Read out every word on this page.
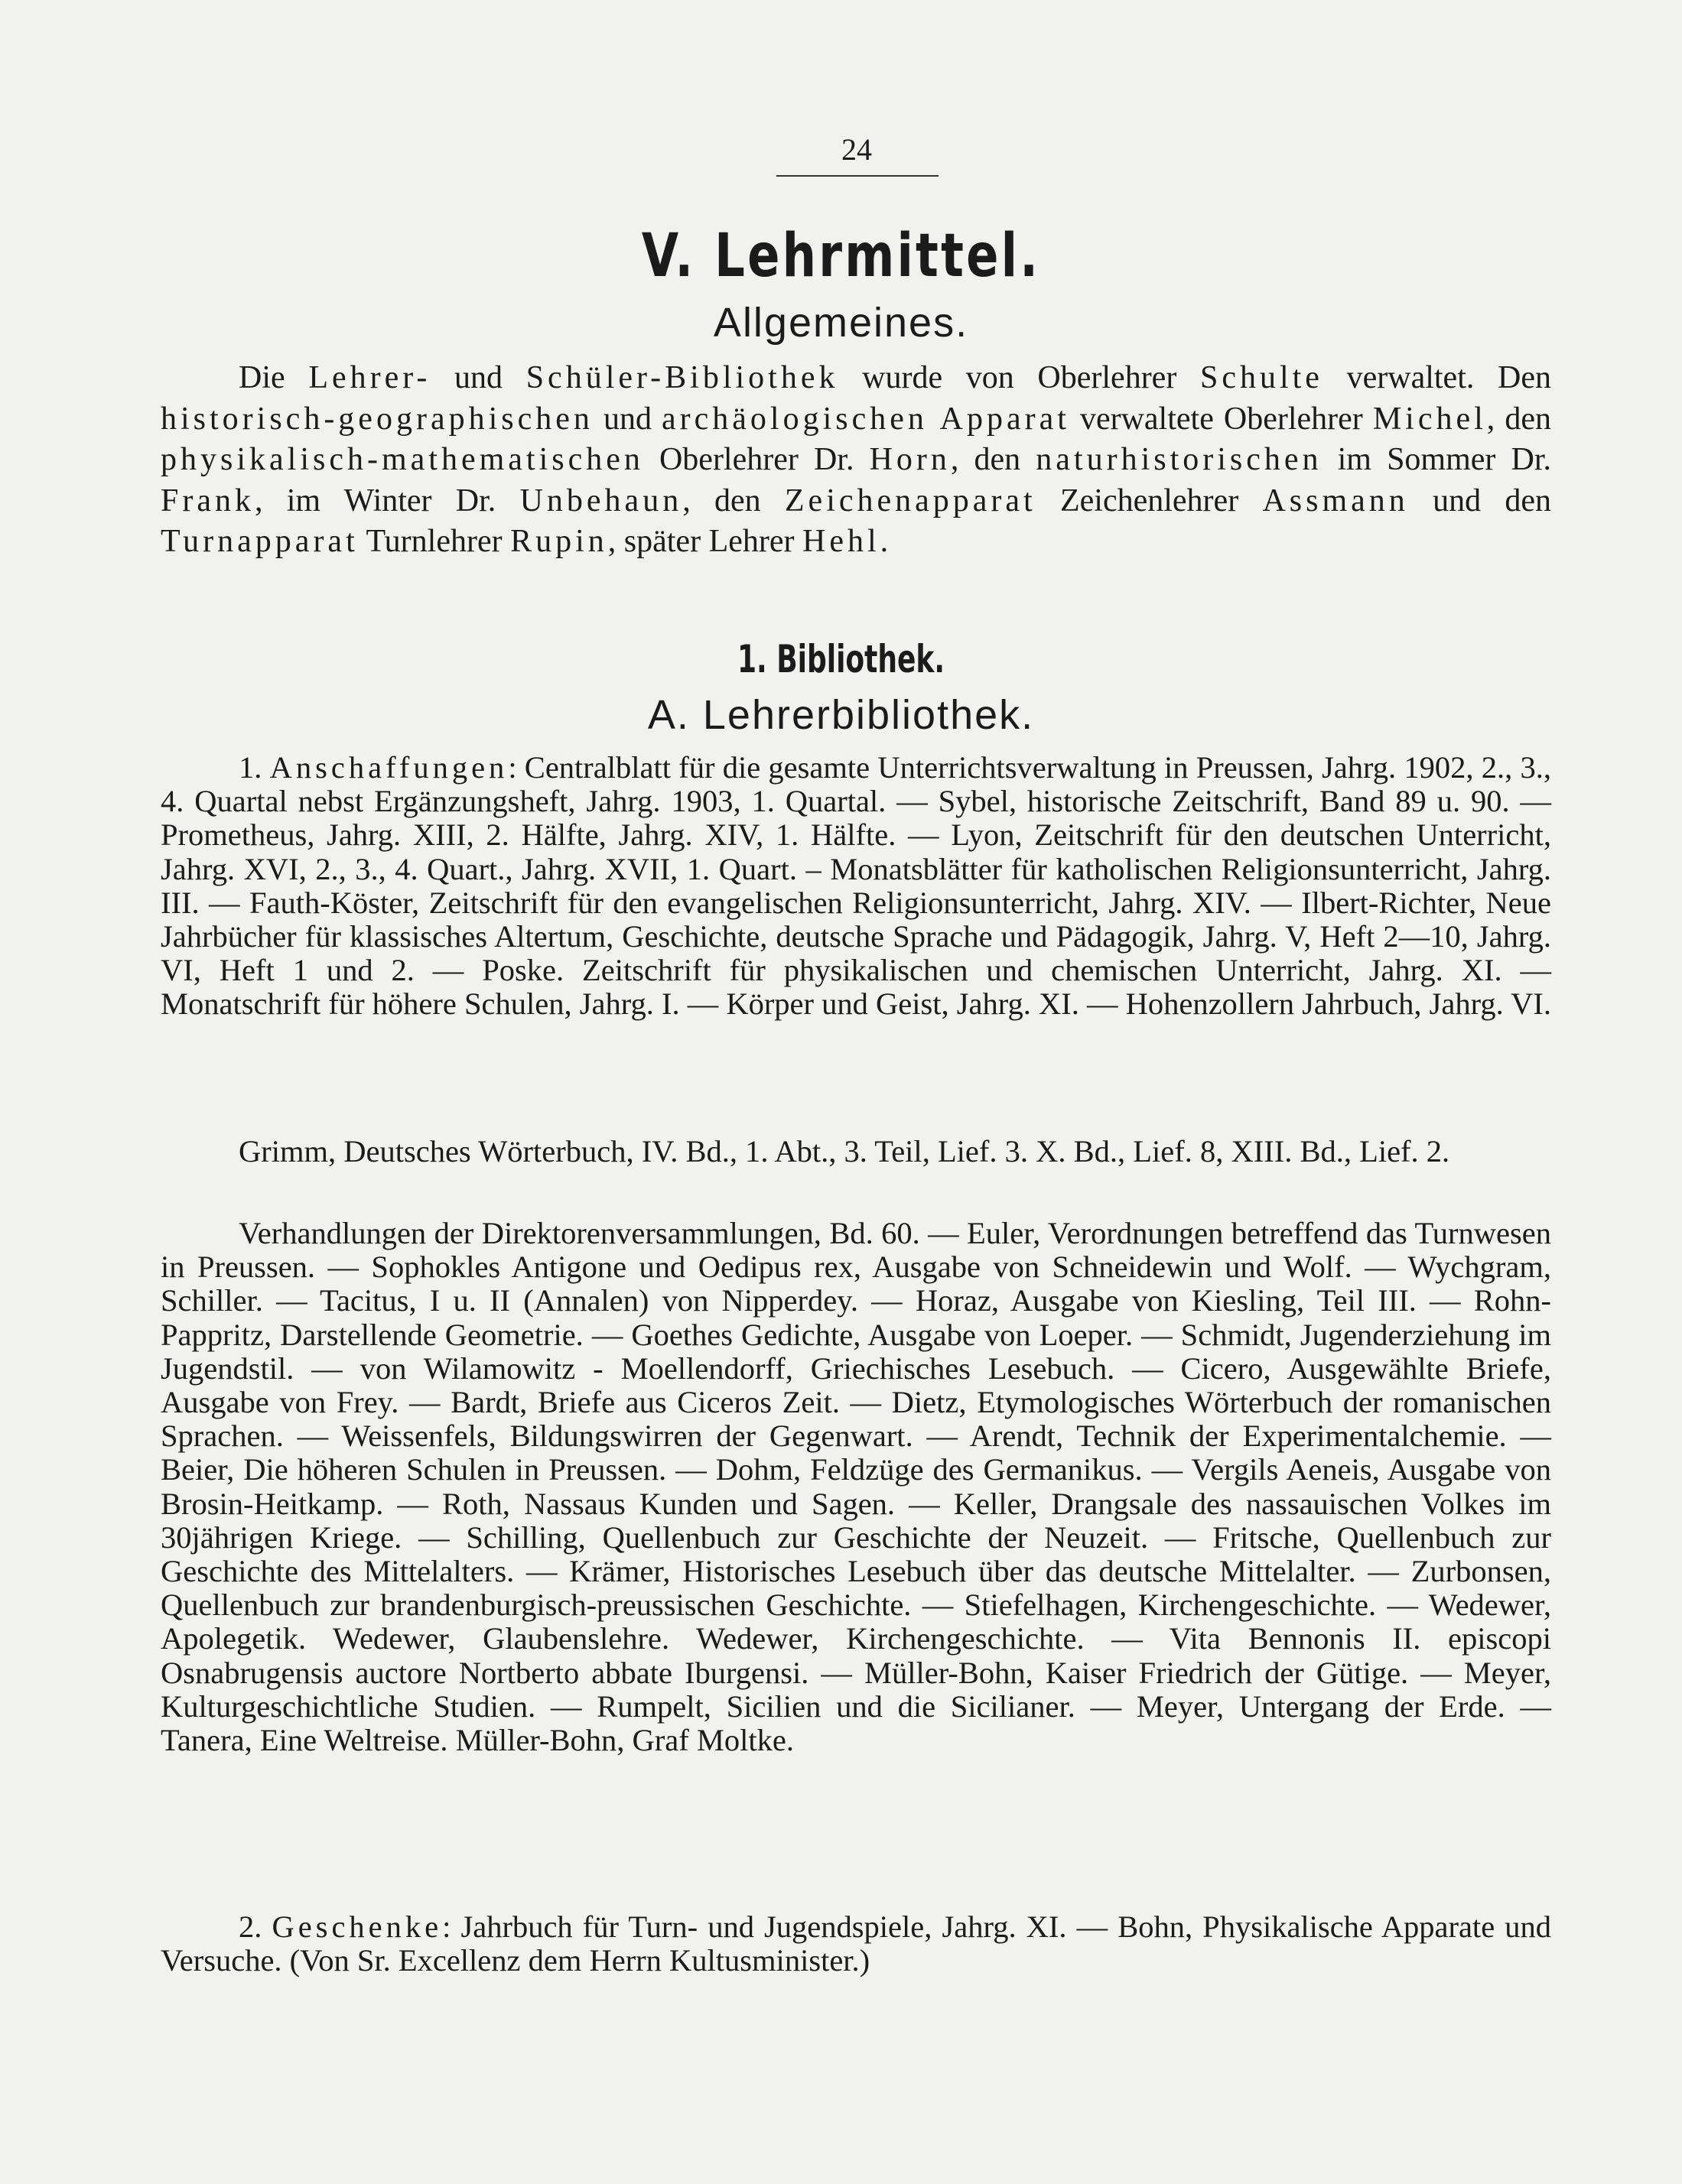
24
V. Lehrmittel.
Allgemeines.

Die Lehrer- und Schüler-Bibliothek wurde von Oberlehrer Schulte verwaltet. Den historisch-geographischen und archäologischen Apparat verwaltete Oberlehrer Michel, den physikalisch-mathematischen Oberlehrer Dr. Horn, den naturhistorischen im Sommer Dr. Frank, im Winter Dr. Unbehaun, den Zeichenapparat Zeichenlehrer Assmann und den Turnapparat Turnlehrer Rupin, später Lehrer Hehl.

1. Bibliothek.
A. Lehrerbibliothek.

1. Anschaffungen: Centralblatt für die gesamte Unterrichtsverwaltung in Preussen, Jahrg. 1902, 2., 3., 4. Quartal nebst Ergänzungsheft, Jahrg. 1903, 1. Quartal. — Sybel, historische Zeitschrift, Band 89 u. 90. — Prometheus, Jahrg. XIII, 2. Hälfte, Jahrg. XIV, 1. Hälfte. — Lyon, Zeitschrift für den deutschen Unterricht, Jahrg. XVI, 2., 3., 4. Quart., Jahrg. XVII, 1. Quart. – Monatsblätter für katholischen Religionsunterricht, Jahrg. III. — Fauth-Köster, Zeitschrift für den evangelischen Religionsunterricht, Jahrg. XIV. — Ilbert-Richter, Neue Jahrbücher für klassisches Altertum, Geschichte, deutsche Sprache und Pädagogik, Jahrg. V, Heft 2—10, Jahrg. VI, Heft 1 und 2. — Poske. Zeitschrift für physikalischen und chemischen Unterricht, Jahrg. XI. — Monatschrift für höhere Schulen, Jahrg. I. — Körper und Geist, Jahrg. XI. — Hohenzollern Jahrbuch, Jahrg. VI.

Grimm, Deutsches Wörterbuch, IV. Bd., 1. Abt., 3. Teil, Lief. 3. X. Bd., Lief. 8, XIII. Bd., Lief. 2.

Verhandlungen der Direktorenversammlungen, Bd. 60. — Euler, Verordnungen betreffend das Turnwesen in Preussen. — Sophokles Antigone und Oedipus rex, Ausgabe von Schneidewin und Wolf. — Wychgram, Schiller. — Tacitus, I u. II (Annalen) von Nipperdey. — Horaz, Ausgabe von Kiesling, Teil III. — Rohn-Pappritz, Darstellende Geometrie. — Goethes Gedichte, Ausgabe von Loeper. — Schmidt, Jugenderziehung im Jugendstil. — von Wilamowitz - Moellendorff, Griechisches Lesebuch. — Cicero, Ausgewählte Briefe, Ausgabe von Frey. — Bardt, Briefe aus Ciceros Zeit. — Dietz, Etymologisches Wörterbuch der romanischen Sprachen. — Weissenfels, Bildungswirren der Gegenwart. — Arendt, Technik der Experimentalchemie. — Beier, Die höheren Schulen in Preussen. — Dohm, Feldzüge des Germanikus. — Vergils Aeneis, Ausgabe von Brosin-Heitkamp. — Roth, Nassaus Kunden und Sagen. — Keller, Drangsale des nassauischen Volkes im 30jährigen Kriege. — Schilling, Quellenbuch zur Geschichte der Neuzeit. — Fritsche, Quellenbuch zur Geschichte des Mittelalters. — Krämer, Historisches Lesebuch über das deutsche Mittelalter. — Zurbonsen, Quellenbuch zur brandenburgisch-preussischen Geschichte. — Stiefelhagen, Kirchengeschichte. — Wedewer, Apolegetik. Wedewer, Glaubenslehre. Wedewer, Kirchengeschichte. — Vita Bennonis II. episcopi Osnabrugensis auctore Nortberto abbate Iburgensi. — Müller-Bohn, Kaiser Friedrich der Gütige. — Meyer, Kulturgeschichtliche Studien. — Rumpelt, Sicilien und die Sicilianer. — Meyer, Untergang der Erde. — Tanera, Eine Weltreise. Müller-Bohn, Graf Moltke.

2. Geschenke: Jahrbuch für Turn- und Jugendspiele, Jahrg. XI. — Bohn, Physikalische Apparate und Versuche. (Von Sr. Excellenz dem Herrn Kultusminister.)
